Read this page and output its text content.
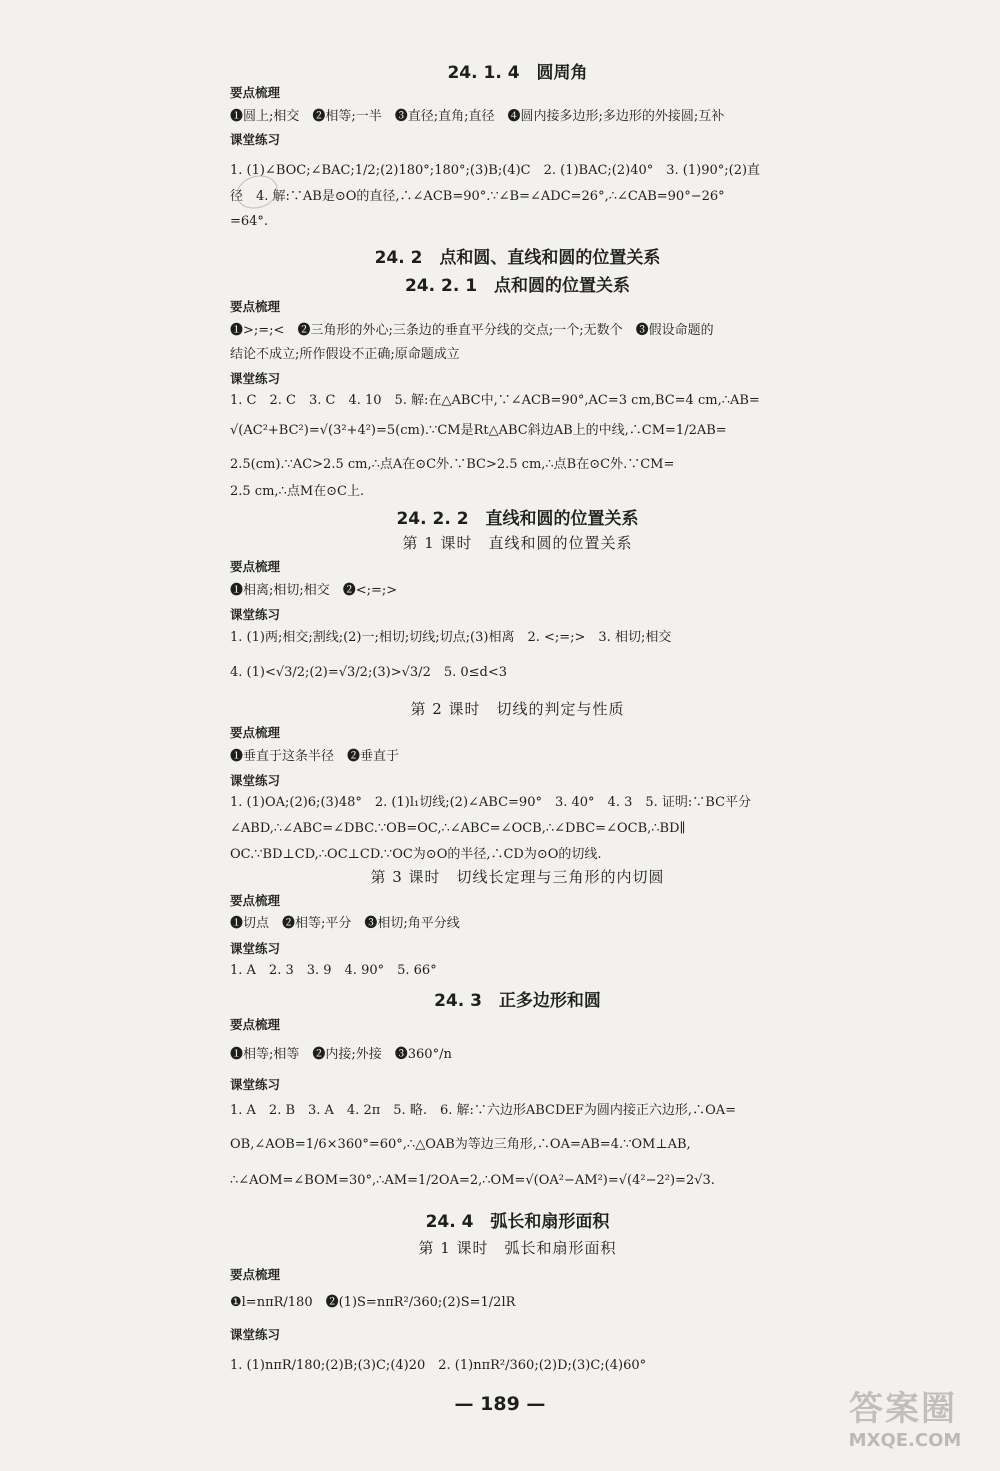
24. 1. 4　圆周角
要点梳理
❶圆上;相交　❷相等;一半　❸直径;直角;直径　❹圆内接多边形;多边形的外接圆;互补
课堂练习
1. (1)∠BOC;∠BAC;1/2;(2)180°;180°;(3)B;(4)C　2. (1)BAC;(2)40°　3. (1)90°;(2)直
径　4. 解:∵AB是⊙O的直径,∴∠ACB=90°.∵∠B=∠ADC=26°,∴∠CAB=90°−26°
=64°.
24. 2　点和圆、直线和圆的位置关系
24. 2. 1　点和圆的位置关系
要点梳理
❶>;=;<　❷三角形的外心;三条边的垂直平分线的交点;一个;无数个　❸假设命题的
结论不成立;所作假设不正确;原命题成立
课堂练习
1. C　2. C　3. C　4. 10　5. 解:在△ABC中,∵∠ACB=90°,AC=3 cm,BC=4 cm,∴AB=
√(AC²+BC²)=√(3²+4²)=5(cm).∵CM是Rt△ABC斜边AB上的中线,∴CM=1/2AB=
2.5(cm).∵AC>2.5 cm,∴点A在⊙C外.∵BC>2.5 cm,∴点B在⊙C外.∵CM=
2.5 cm,∴点M在⊙C上.
24. 2. 2　直线和圆的位置关系
第 1 课时　直线和圆的位置关系
要点梳理
❶相离;相切;相交　❷<;=;>
课堂练习
1. (1)两;相交;割线;(2)一;相切;切线;切点;(3)相离　2. <;=;>　3. 相切;相交
4. (1)<√3/2;(2)=√3/2;(3)>√3/2　5. 0≤d<3
第 2 课时　切线的判定与性质
要点梳理
❶垂直于这条半径　❷垂直于
课堂练习
1. (1)OA;(2)6;(3)48°　2. (1)l₁切线;(2)∠ABC=90°　3. 40°　4. 3　5. 证明:∵BC平分
∠ABD,∴∠ABC=∠DBC.∵OB=OC,∴∠ABC=∠OCB,∴∠DBC=∠OCB,∴BD∥
OC.∵BD⊥CD,∴OC⊥CD.∵OC为⊙O的半径,∴CD为⊙O的切线.
第 3 课时　切线长定理与三角形的内切圆
要点梳理
❶切点　❷相等;平分　❸相切;角平分线
课堂练习
1. A　2. 3　3. 9　4. 90°　5. 66°
24. 3　正多边形和圆
要点梳理
❶相等;相等　❷内接;外接　❸360°/n
课堂练习
1. A　2. B　3. A　4. 2π　5. 略.　6. 解:∵六边形ABCDEF为圆内接正六边形,∴OA=
OB,∠AOB=1/6×360°=60°,∴△OAB为等边三角形,∴OA=AB=4.∵OM⊥AB,
∴∠AOM=∠BOM=30°,∴AM=1/2OA=2,∴OM=√(OA²−AM²)=√(4²−2²)=2√3.
24. 4　弧长和扇形面积
第 1 课时　弧长和扇形面积
要点梳理
❶l=nπR/180　❷(1)S=nπR²/360;(2)S=1/2lR
课堂练习
1. (1)nπR/180;(2)B;(3)C;(4)20　2. (1)nπR²/360;(2)D;(3)C;(4)60°
— 189 —	答案圈
MXQE.COM
